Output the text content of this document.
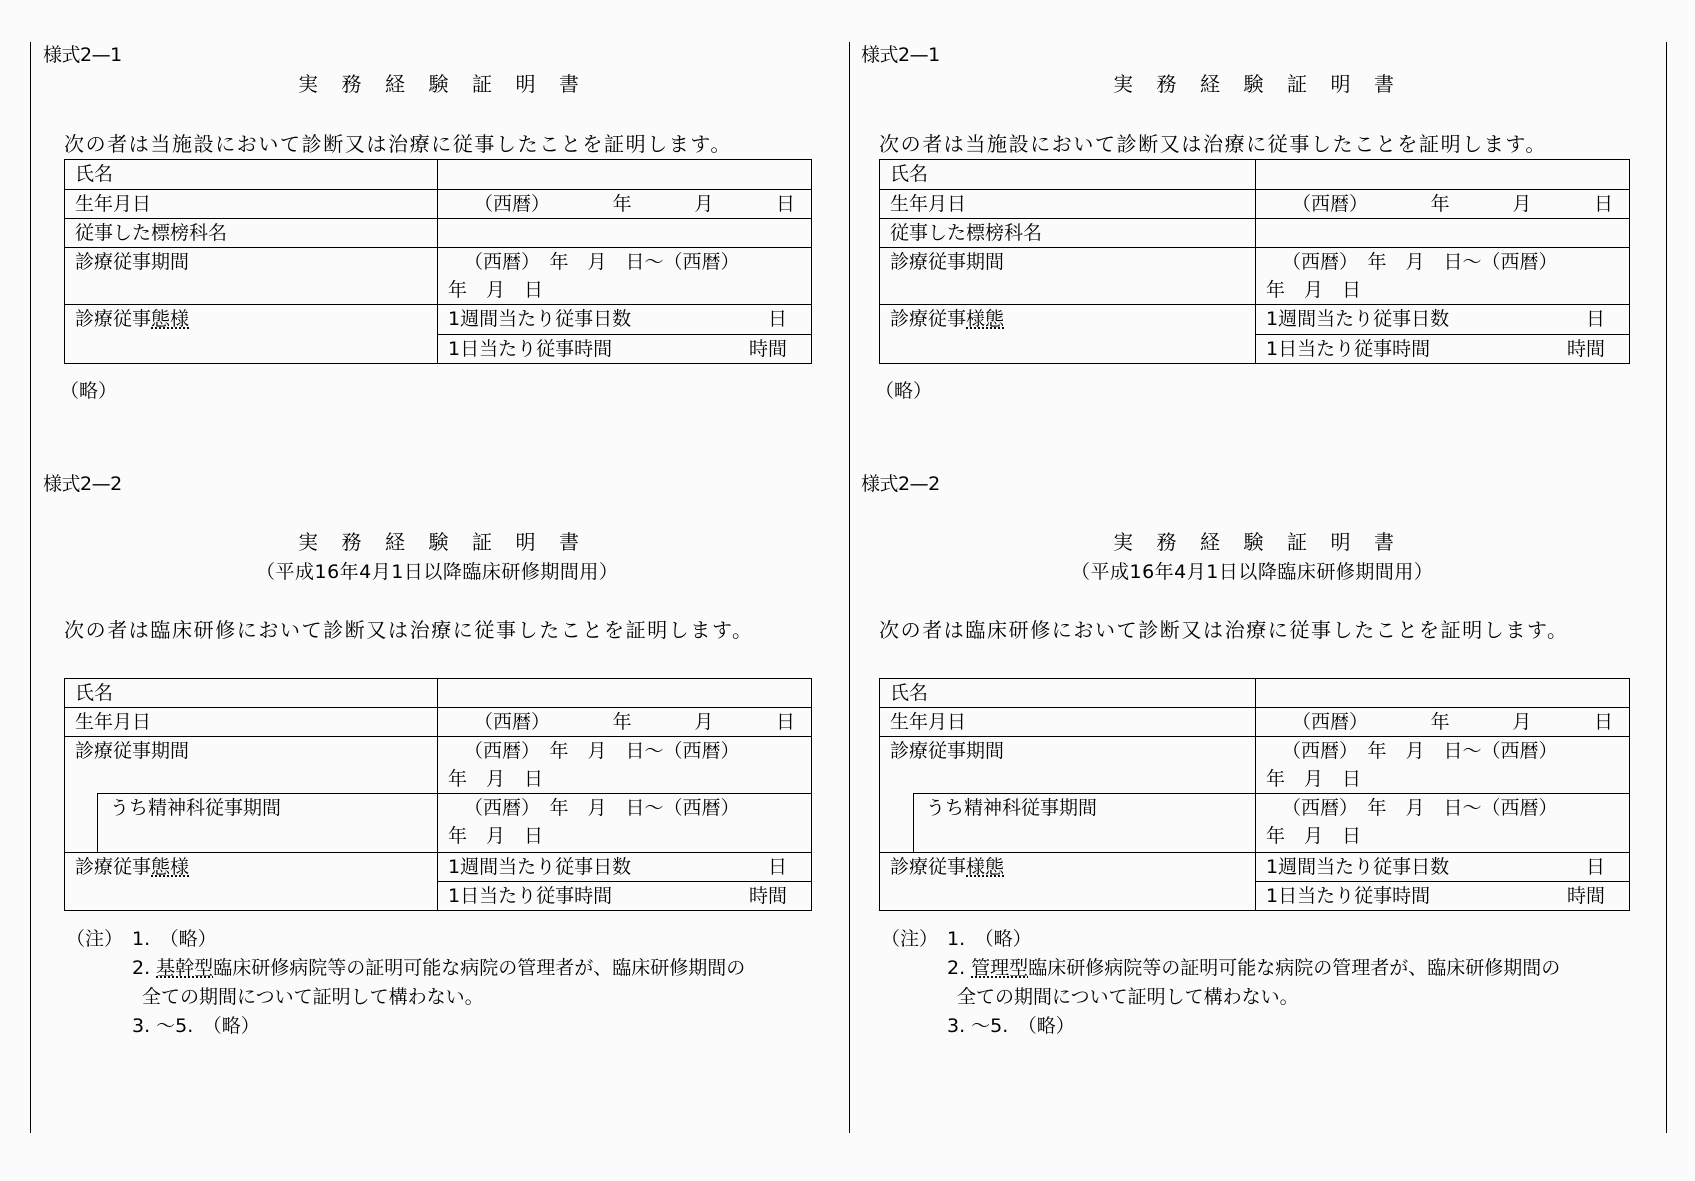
様式2—1
実務経験証明書
次の者は当施設において診断又は治療に従事したことを証明します。
氏名	
生年月日	（西暦） 年 月 日

従事した標榜科名	
診療従事期間	（西暦）　年　月　日～（西暦）
年　月　日

診療従事態様	1週間当たり従事日数 日

	1日当たり従事時間 時間
（略）
様式2—2
実務経験証明書
（平成16年4月1日以降臨床研修期間用）
次の者は臨床研修において診断又は治療に従事したことを証明します。
氏名		
生年月日		（西暦） 年 月 日

診療従事期間		（西暦）　年　月　日～（西暦）
年　月　日

	うち精神科従事期間	（西暦）　年　月　日～（西暦）
年　月　日

診療従事態様		1週間当たり従事日数 日

		1日当たり従事時間 時間
（注） 1.　（略）
2. 基幹型臨床研修病院等の証明可能な病院の管理者が、臨床研修期間の
全ての期間について証明して構わない。
3. ～5.　（略）
様式2—1
実務経験証明書
次の者は当施設において診断又は治療に従事したことを証明します。
氏名	
生年月日	（西暦） 年 月 日

従事した標榜科名	
診療従事期間	（西暦）　年　月　日～（西暦）
年　月　日

診療従事様態	1週間当たり従事日数 日

	1日当たり従事時間 時間
（略）
様式2—2
実務経験証明書
（平成16年4月1日以降臨床研修期間用）
次の者は臨床研修において診断又は治療に従事したことを証明します。
氏名		
生年月日		（西暦） 年 月 日

診療従事期間		（西暦）　年　月　日～（西暦）
年　月　日

	うち精神科従事期間	（西暦）　年　月　日～（西暦）
年　月　日

診療従事様態		1週間当たり従事日数 日

		1日当たり従事時間 時間
（注） 1.　（略）
2. 管理型臨床研修病院等の証明可能な病院の管理者が、臨床研修期間の
全ての期間について証明して構わない。
3. ～5.　（略）
